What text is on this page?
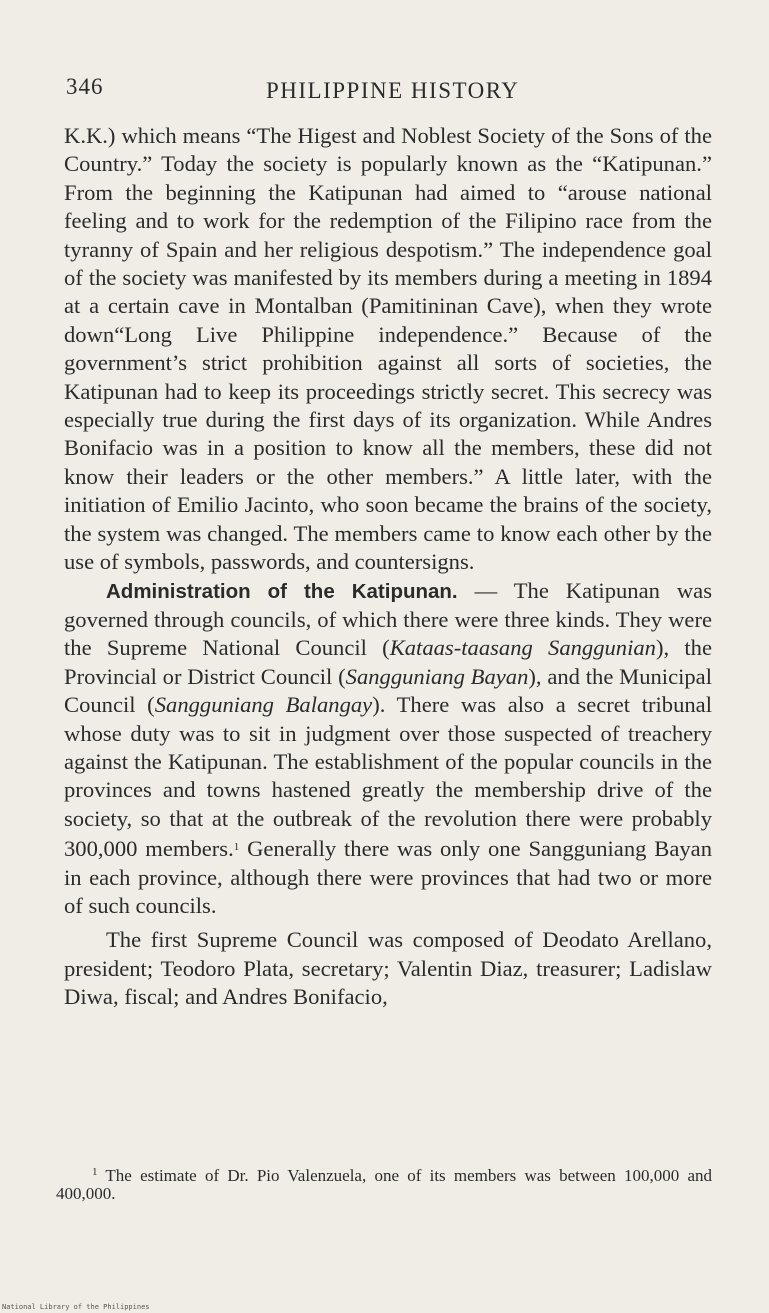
346	PHILIPPINE HISTORY

K.K.) which means “The Higest and Noblest Society of the Sons of the Country.” Today the society is popularly known as the “Katipunan.” From the beginning the Katipunan had aimed to “arouse national feeling and to work for the redemption of the Filipino race from the tyranny of Spain and her religious despotism.” The independence goal of the society was manifested by its members during a meeting in 1894 at a certain cave in Montalban (Pamitininan Cave), when they wrote down“Long Live Philippine independence.” Because of the government’s strict prohibition against all sorts of societies, the Katipunan had to keep its proceedings strictly secret. This secrecy was especially true during the first days of its organization. While Andres Bonifacio was in a position to know all the members, these did not know their leaders or the other members.” A little later, with the initiation of Emilio Jacinto, who soon became the brains of the society, the system was changed. The members came to know each other by the use of symbols, passwords, and countersigns.

Administration of the Katipunan. — The Katipunan was governed through councils, of which there were three kinds. They were the Supreme National Council (Kataas-taasang Sanggunian), the Provincial or District Council (Sangguniang Bayan), and the Municipal Council (Sangguniang Balangay). There was also a secret tribunal whose duty was to sit in judgment over those suspected of treachery against the Katipunan. The establishment of the popular councils in the provinces and towns hastened greatly the membership drive of the society, so that at the outbreak of the revolution there were probably 300,000 members.$^1$ Generally there was only one Sangguniang Bayan in each province, although there were provinces that had two or more of such councils.

The first Supreme Council was composed of Deodato Arellano, president; Teodoro Plata, secretary; Valentin Diaz, treasurer; Ladislaw Diwa, fiscal; and Andres Bonifacio,

$^1$ The estimate of Dr. Pio Valenzuela, one of its members was between 100,000 and 400,000.

National Library of the Philippines
